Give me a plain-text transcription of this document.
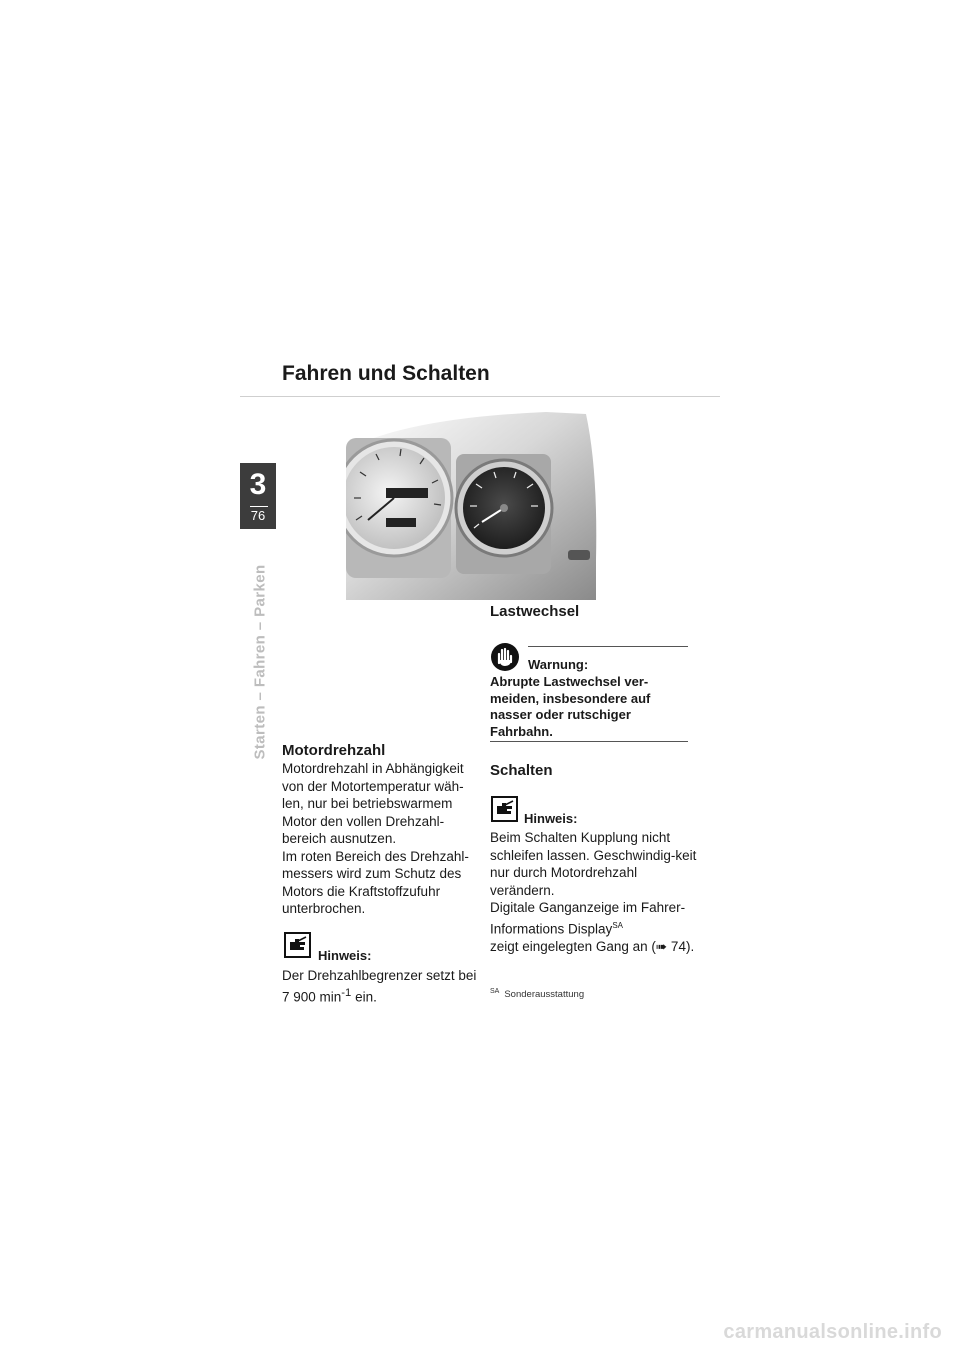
Fahren und Schalten
3
76
Starten – Fahren – Parken Motordrehzahl

Motordrehzahl in Abhängigkeit von der Motortemperatur wäh-len, nur bei betriebswarmem Motor den vollen Drehzahl-bereich ausnutzen.

Im roten Bereich des Drehzahl-messers wird zum Schutz des Motors die Kraftstoffzufuhr unterbrochen.

Hinweis:
Der Drehzahlbegrenzer setzt bei 7 900 $\min^{-1}$ ein.
Lastwechsel
Warnung:
Abrupte Lastwechsel ver-meiden, insbesondere auf nasser oder rutschiger Fahrbahn.
Schalten
Hinweis:

Beim Schalten Kupplung nicht schleifen lassen. Geschwindig-keit nur durch Motordrehzahl verändern.

Digitale Ganganzeige im Fahrer-Informations Display$^{SA}$
zeigt eingelegten Gang an (➠ 74).

$^{SA}$ Sonderausstattung
carmanualsonline.info
